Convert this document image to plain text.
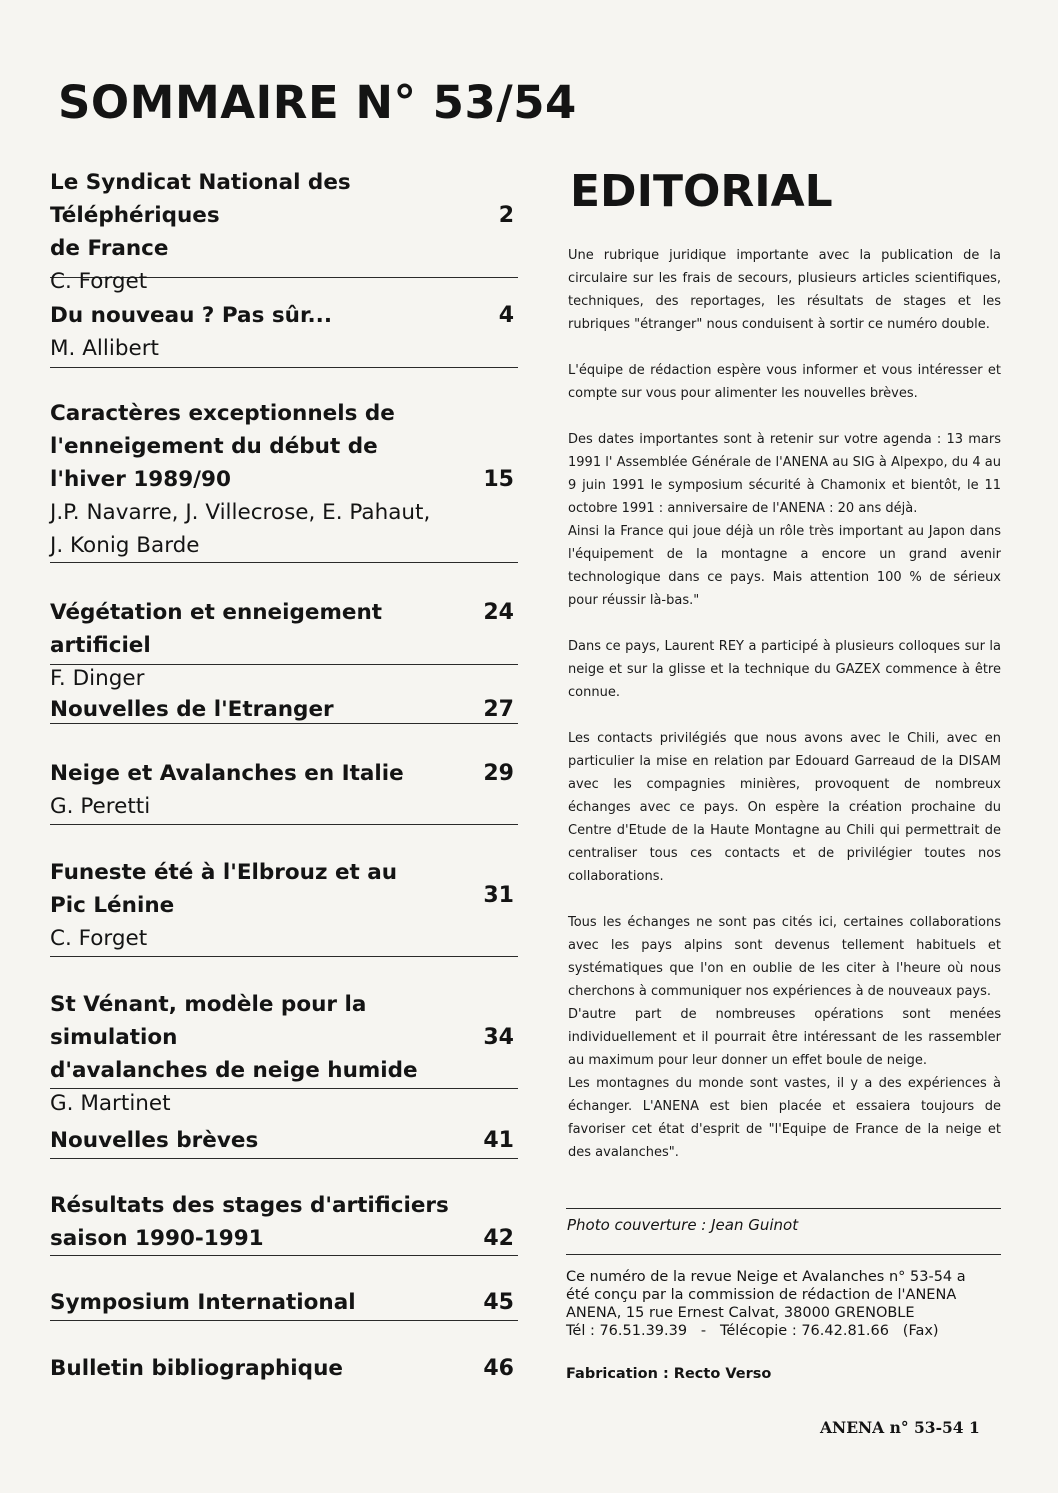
SOMMAIRE N° 53/54
Le Syndicat National des Téléphériques
de France
C. Forget
2
Du nouveau ? Pas sûr...
M. Allibert
4
Caractères exceptionnels de
l'enneigement du début de
l'hiver 1989/90
J.P. Navarre, J. Villecrose, E. Pahaut,
J. Konig Barde
15
Végétation et enneigement artificiel
F. Dinger
24
Nouvelles de l'Etranger	27
Neige et Avalanches en Italie
G. Peretti
29
Funeste été à l'Elbrouz et au
Pic Lénine
C. Forget
31
St Vénant, modèle pour la simulation
d'avalanches de neige humide
G. Martinet
34
Nouvelles brèves	41
Résultats des stages d'artificiers
saison 1990-1991	42
Symposium International	45
Bulletin bibliographique	46
EDITORIAL

Une rubrique juridique importante avec la publication de la circulaire sur les frais de secours, plusieurs articles scientifiques, techniques, des reportages, les résultats de stages et les rubriques "étranger" nous conduisent à sortir ce numéro double.

L'équipe de rédaction espère vous informer et vous intéresser et compte sur vous pour alimenter les nouvelles brèves.

Des dates importantes sont à retenir sur votre agenda : 13 mars 1991 l' Assemblée Générale de l'ANENA au SIG à Alpexpo, du 4 au 9 juin 1991 le symposium sécurité à Chamonix et bientôt, le 11 octobre 1991 : anniversaire de l'ANENA : 20 ans déjà.

Ainsi la France qui joue déjà un rôle très important au Japon dans l'équipement de la montagne a encore un grand avenir technologique dans ce pays. Mais attention 100 % de sérieux pour réussir là-bas."

Dans ce pays, Laurent REY a participé à plusieurs colloques sur la neige et sur la glisse et la technique du GAZEX commence à être connue.

Les contacts privilégiés que nous avons avec le Chili, avec en particulier la mise en relation par Edouard Garreaud de la DISAM avec les compagnies minières, provoquent de nombreux échanges avec ce pays. On espère la création prochaine du Centre d'Etude de la Haute Montagne au Chili qui permettrait de centraliser tous ces contacts et de privilégier toutes nos collaborations.

Tous les échanges ne sont pas cités ici, certaines collaborations avec les pays alpins sont devenus tellement habituels et systématiques que l'on en oublie de les citer à l'heure où nous cherchons à communiquer nos expériences à de nouveaux pays.

D'autre part de nombreuses opérations sont menées individuellement et il pourrait être intéressant de les rassembler au maximum pour leur donner un effet boule de neige.

Les montagnes du monde sont vastes, il y a des expériences à échanger. L'ANENA est bien placée et essaiera toujours de favoriser cet état d'esprit de "l'Equipe de France de la neige et des avalanches".

Photo couverture : Jean Guinot
Ce numéro de la revue Neige et Avalanches n° 53-54 a
été conçu par la commission de rédaction de l'ANENA
ANENA, 15 rue Ernest Calvat, 38000 GRENOBLE
Tél : 76.51.39.39   -   Télécopie : 76.42.81.66   (Fax)
Fabrication : Recto Verso
ANENA n° 53-54 1
